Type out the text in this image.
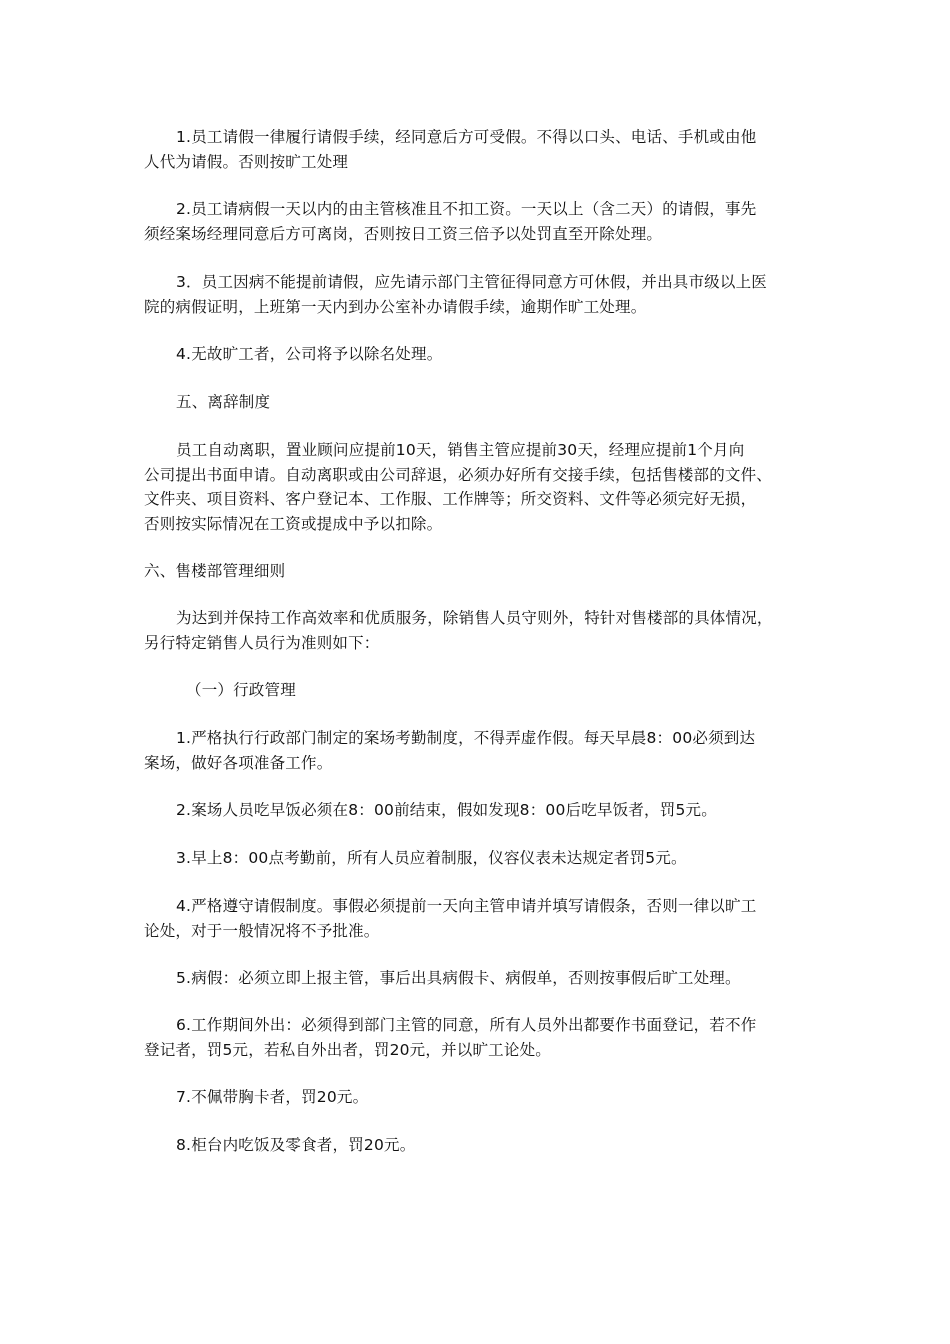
1.员工请假一律履行请假手续，经同意后方可受假。不得以口头、电话、手机或由他
人代为请假。否则按旷工处理
2.员工请病假一天以内的由主管核准且不扣工资。一天以上（含二天）的请假，事先
须经案场经理同意后方可离岗，否则按日工资三倍予以处罚直至开除处理。
3．员工因病不能提前请假，应先请示部门主管征得同意方可休假，并出具市级以上医
院的病假证明，上班第一天内到办公室补办请假手续，逾期作旷工处理。
4.无故旷工者，公司将予以除名处理。
五、离辞制度
员工自动离职，置业顾问应提前10天，销售主管应提前30天，经理应提前1个月向
公司提出书面申请。自动离职或由公司辞退，必须办好所有交接手续，包括售楼部的文件、
文件夹、项目资料、客户登记本、工作服、工作牌等；所交资料、文件等必须完好无损，
否则按实际情况在工资或提成中予以扣除。
六、售楼部管理细则
为达到并保持工作高效率和优质服务，除销售人员守则外，特针对售楼部的具体情况，
另行特定销售人员行为准则如下：
（一）行政管理
1.严格执行行政部门制定的案场考勤制度，不得弄虚作假。每天早晨8：00必须到达
案场，做好各项准备工作。
2.案场人员吃早饭必须在8：00前结束，假如发现8：00后吃早饭者，罚5元。
3.早上8：00点考勤前，所有人员应着制服，仪容仪表未达规定者罚5元。
4.严格遵守请假制度。事假必须提前一天向主管申请并填写请假条，否则一律以旷工
论处，对于一般情况将不予批准。
5.病假：必须立即上报主管，事后出具病假卡、病假单，否则按事假后旷工处理。
6.工作期间外出：必须得到部门主管的同意，所有人员外出都要作书面登记，若不作
登记者，罚5元，若私自外出者，罚20元，并以旷工论处。
7.不佩带胸卡者，罚20元。
8.柜台内吃饭及零食者，罚20元。
